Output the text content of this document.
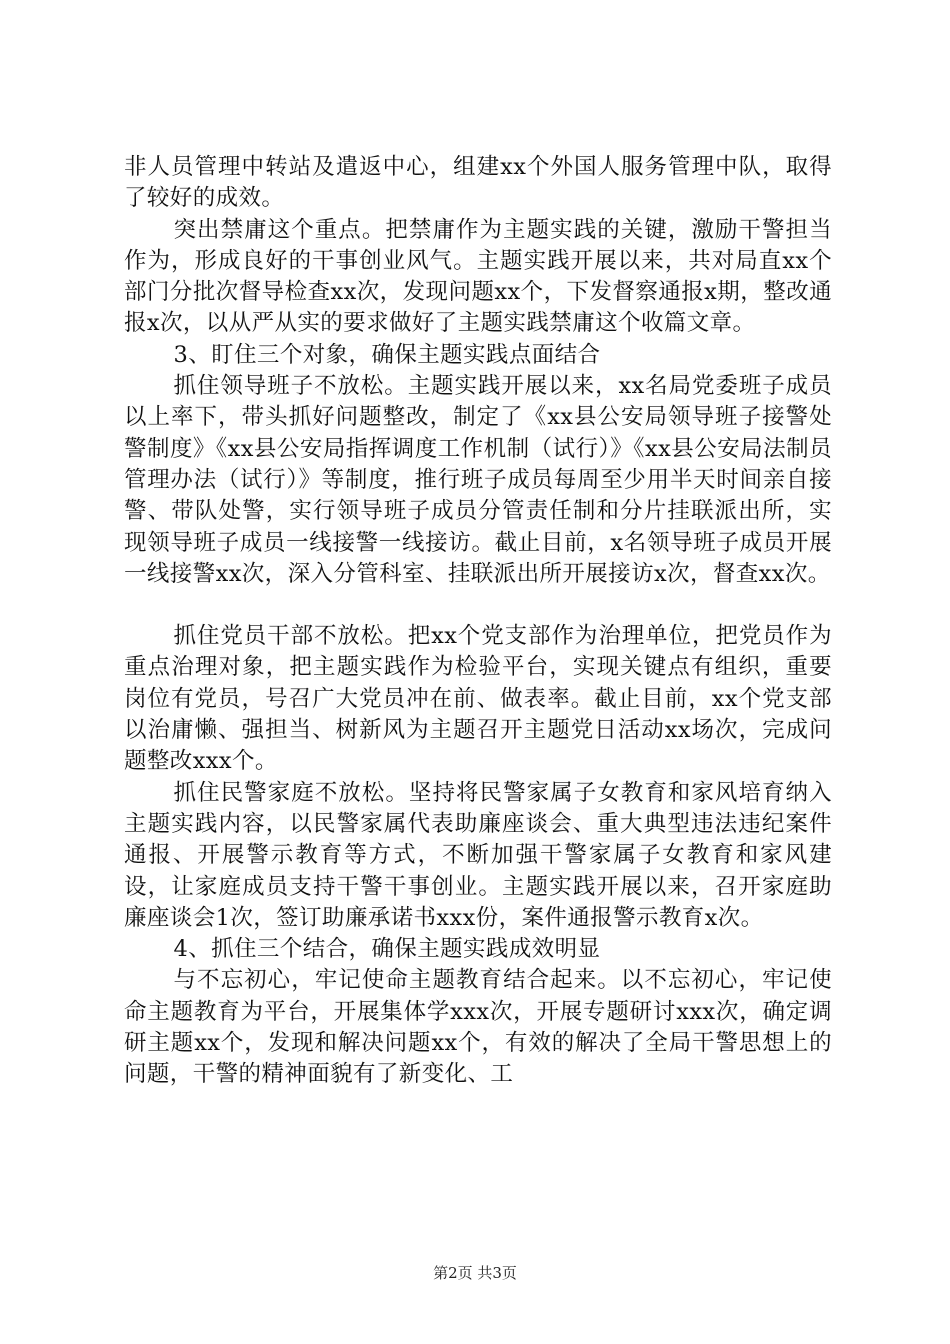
非人员管理中转站及遣返中心，组建xx个外国人服务管理中队，取得了较好的成效。

突出禁庸这个重点。把禁庸作为主题实践的关键，激励干警担当作为，形成良好的干事创业风气。主题实践开展以来，共对局直xx个部门分批次督导检查xx次，发现问题xx个，下发督察通报x期，整改通报x次，以从严从实的要求做好了主题实践禁庸这个收篇文章。

3、盯住三个对象，确保主题实践点面结合

抓住领导班子不放松。主题实践开展以来，xx名局党委班子成员以上率下，带头抓好问题整改，制定了《xx县公安局领导班子接警处警制度》《xx县公安局指挥调度工作机制（试行）》《xx县公安局法制员管理办法（试行）》等制度，推行班子成员每周至少用半天时间亲自接警、带队处警，实行领导班子成员分管责任制和分片挂联派出所，实现领导班子成员一线接警一线接访。截止目前，x名领导班子成员开展一线接警xx次，深入分管科室、挂联派出所开展接访x次，督查xx次。

抓住党员干部不放松。把xx个党支部作为治理单位，把党员作为重点治理对象，把主题实践作为检验平台，实现关键点有组织，重要岗位有党员，号召广大党员冲在前、做表率。截止目前，xx个党支部以治庸懒、强担当、树新风为主题召开主题党日活动xx场次，完成问题整改xxx个。

抓住民警家庭不放松。坚持将民警家属子女教育和家风培育纳入主题实践内容，以民警家属代表助廉座谈会、重大典型违法违纪案件通报、开展警示教育等方式，不断加强干警家属子女教育和家风建设，让家庭成员支持干警干事创业。主题实践开展以来，召开家庭助廉座谈会1次，签订助廉承诺书xxx份，案件通报警示教育x次。

4、抓住三个结合，确保主题实践成效明显

与不忘初心，牢记使命主题教育结合起来。以不忘初心，牢记使命主题教育为平台，开展集体学xxx次，开展专题研讨xxx次，确定调研主题xx个，发现和解决问题xx个，有效的解决了全局干警思想上的问题，干警的精神面貌有了新变化、工

第2页 共3页
